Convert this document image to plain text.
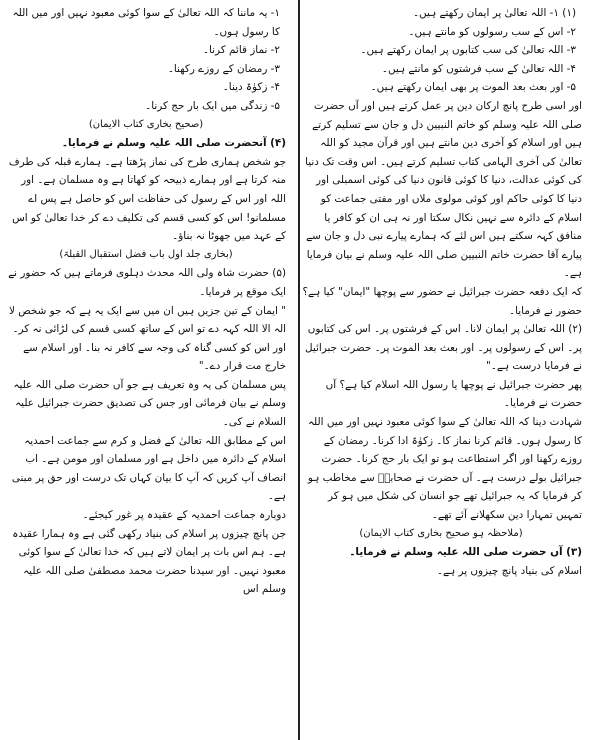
(۱) ۱- اللہ تعالیٰ پر ایمان رکھتے ہیں۔

۲- اس کے سب رسولوں کو مانتے ہیں۔

۳- اللہ تعالیٰ کی سب کتابوں پر ایمان رکھتے ہیں۔

۴- اللہ تعالیٰ کے سب فرشتوں کو مانتے ہیں۔

۵- اور بعث بعد الموت پر بھی ایمان رکھتے ہیں۔

اور اسی طرح پانچ ارکان دین پر عمل کرتے ہیں اور آں حضرت صلی اللہ علیہ وسلم کو خاتم النبیین دل و جان سے تسلیم کرتے ہیں اور اسلام کو آخری دین مانتے ہیں اور قرآن مجید کو اللہ تعالیٰ کی آخری الہامی کتاب تسلیم کرتے ہیں۔ اس وقت تک دنیا کی کوئی عدالت، دنیا کا کوئی قانون دنیا کی کوئی اسمبلی اور دنیا کا کوئی حاکم اور کوئی مولوی ملاں اور مفتی جماعت کو اسلام کے دائرہ سے نہیں نکال سکتا اور نہ ہی ان کو کافر یا منافق کہہ سکتے ہیں اس لئے کہ ہمارے پیارے نبی دل و جان سے پیارے آقا حضرت خاتم النبیین صلی اللہ علیہ وسلم نے بیان فرمایا ہے۔

کہ ایک دفعہ حضرت جبرائیل نے حضور سے پوچھا "ایمان" کیا ہے؟ حضور نے فرمایا۔

(۲) اللہ تعالیٰ پر ایمان لانا۔ اس کے فرشتوں پر۔ اس کی کتابوں پر۔ اس کے رسولوں پر۔ اور بعث بعد الموت پر۔ حضرت جبرائیل نے فرمایا درست ہے۔"

پھر حضرت جبرائیل نے پوچھا یا رسول اللہ اسلام کیا ہے؟ آں حضرت نے فرمایا۔

شہادت دینا کہ اللہ تعالیٰ کے سوا کوئی معبود نہیں اور میں اللہ کا رسول ہوں۔ قائم کرنا نماز کا۔ زکوٰۃ ادا کرنا۔ رمضان کے روزے رکھنا اور اگر استطاعت ہو تو ایک بار حج کرنا۔ حضرت جبرائیل بولے درست ہے۔ آں حضرت نے صحابہؓ سے مخاطب ہو کر فرمایا کہ یہ جبرائیل تھے جو انسان کی شکل میں ہو کر تمہیں تمہارا دین سکھلانے آئے تھے۔

(ملاحظہ ہو صحیح بخاری کتاب الایمان)

(۳) آں حضرت صلی اللہ علیہ وسلم نے فرمایا۔

اسلام کی بنیاد پانچ چیزوں پر ہے۔

۱- یہ ماننا کہ اللہ تعالیٰ کے سوا کوئی معبود نہیں اور میں اللہ کا رسول ہوں۔

۲- نماز قائم کرنا۔

۳- رمضان کے روزے رکھنا۔

۴- زکوٰۃ دینا۔

۵- زندگی میں ایک بار حج کرنا۔

(صحیح بخاری کتاب الایمان)

(۴) آنحضرت صلی اللہ علیہ وسلم نے فرمایا۔

جو شخص ہماری طرح کی نماز پڑھتا ہے۔ ہمارے قبلہ کی طرف منہ کرتا ہے اور ہمارے ذبیحہ کو کھاتا ہے وہ مسلمان ہے۔ اور اللہ اور اس کے رسول کی حفاظت اس کو حاصل ہے پس اے مسلمانو! اس کو کسی قسم کی تکلیف دے کر خدا تعالیٰ کو اس کے عہد میں جھوٹا نہ بناؤ۔

(بخاری جلد اول باب فضل استقبال القبلۃ)

(۵) حضرت شاہ ولی اللہ محدث دہلوی فرماتے ہیں کہ حضور نے ایک موقع پر فرمایا۔

" ایمان کے تین جزیں ہیں ان میں سے ایک یہ ہے کہ جو شخص لا الہ الا اللہ کہہ دے تو اس کے ساتھ کسی قسم کی لڑائی نہ کر۔ اور اس کو کسی گناہ کی وجہ سے کافر نہ بنا۔ اور اسلام سے خارج مت قرار دے۔"

پس مسلمان کی یہ وہ تعریف ہے جو آں حضرت صلی اللہ علیہ وسلم نے بیان فرمائی اور جس کی تصدیق حضرت جبرائیل علیہ السلام نے کی۔

اس کے مطابق اللہ تعالیٰ کے فضل و کرم سے جماعت احمدیہ اسلام کے دائرہ میں داخل ہے اور مسلمان اور مومن ہے۔ اب انصاف آپ کریں کہ آپ کا بیان کہاں تک درست اور حق پر مبنی ہے۔

دوبارہ جماعت احمدیہ کے عقیدہ پر غور کیجئے۔

جن پانچ چیزوں پر اسلام کی بنیاد رکھی گئی ہے وہ ہمارا عقیدہ ہے۔ ہم اس بات پر ایمان لاتے ہیں کہ خدا تعالیٰ کے سوا کوئی معبود نہیں۔ اور سیدنا حضرت محمد مصطفیٰ صلی اللہ علیہ وسلم اس
